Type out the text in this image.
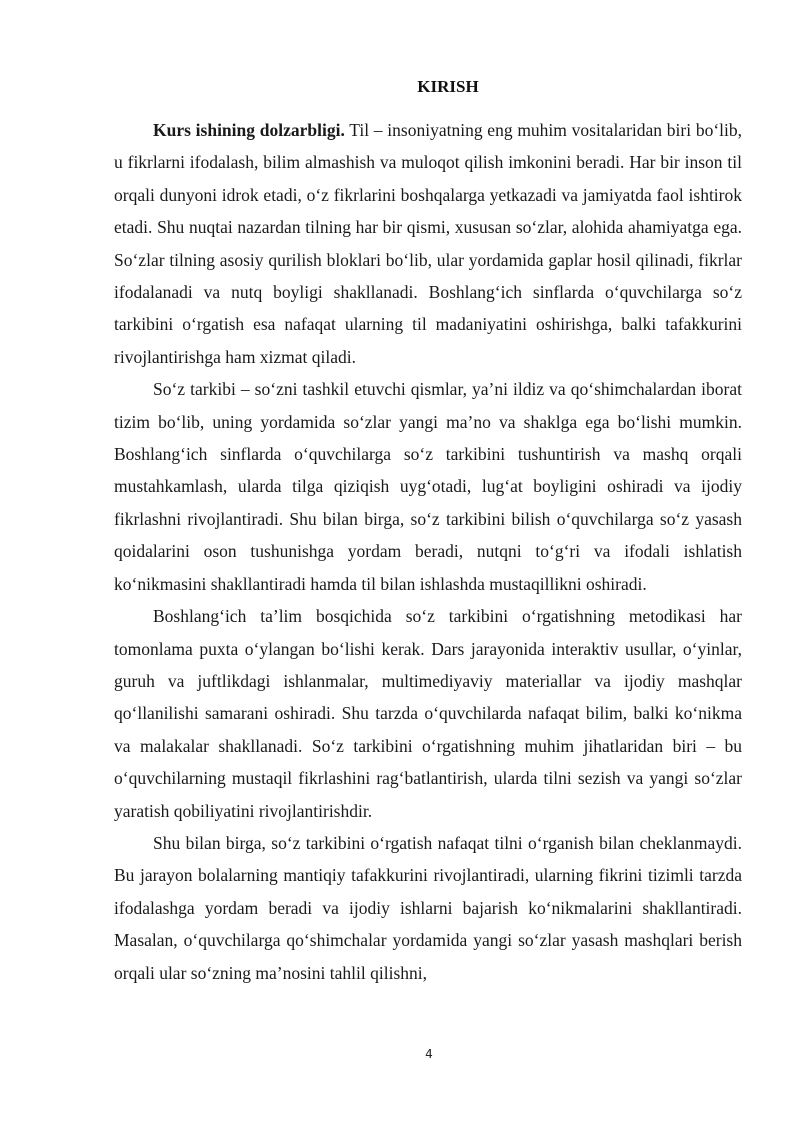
KIRISH

Kurs ishining dolzarbligi. Til – insoniyatning eng muhim vositalaridan biri bo‘lib, u fikrlarni ifodalash, bilim almashish va muloqot qilish imkonini beradi. Har bir inson til orqali dunyoni idrok etadi, o‘z fikrlarini boshqalarga yetkazadi va jamiyatda faol ishtirok etadi. Shu nuqtai nazardan tilning har bir qismi, xususan so‘zlar, alohida ahamiyatga ega. So‘zlar tilning asosiy qurilish bloklari bo‘lib, ular yordamida gaplar hosil qilinadi, fikrlar ifodalanadi va nutq boyligi shakllanadi. Boshlang‘ich sinflarda o‘quvchilarga so‘z tarkibini o‘rgatish esa nafaqat ularning til madaniyatini oshirishga, balki tafakkurini rivojlantirishga ham xizmat qiladi.

So‘z tarkibi – so‘zni tashkil etuvchi qismlar, ya’ni ildiz va qo‘shimchalardan iborat tizim bo‘lib, uning yordamida so‘zlar yangi ma’no va shaklga ega bo‘lishi mumkin. Boshlang‘ich sinflarda o‘quvchilarga so‘z tarkibini tushuntirish va mashq orqali mustahkamlash, ularda tilga qiziqish uyg‘otadi, lug‘at boyligini oshiradi va ijodiy fikrlashni rivojlantiradi. Shu bilan birga, so‘z tarkibini bilish o‘quvchilarga so‘z yasash qoidalarini oson tushunishga yordam beradi, nutqni to‘g‘ri va ifodali ishlatish ko‘nikmasini shakllantiradi hamda til bilan ishlashda mustaqillikni oshiradi.

Boshlang‘ich ta’lim bosqichida so‘z tarkibini o‘rgatishning metodikasi har tomonlama puxta o‘ylangan bo‘lishi kerak. Dars jarayonida interaktiv usullar, o‘yinlar, guruh va juftlikdagi ishlanmalar, multimediyaviy materiallar va ijodiy mashqlar qo‘llanilishi samarani oshiradi. Shu tarzda o‘quvchilarda nafaqat bilim, balki ko‘nikma va malakalar shakllanadi. So‘z tarkibini o‘rgatishning muhim jihatlaridan biri – bu o‘quvchilarning mustaqil fikrlashini rag‘batlantirish, ularda tilni sezish va yangi so‘zlar yaratish qobiliyatini rivojlantirishdir.

Shu bilan birga, so‘z tarkibini o‘rgatish nafaqat tilni o‘rganish bilan cheklanmaydi. Bu jarayon bolalarning mantiqiy tafakkurini rivojlantiradi, ularning fikrini tizimli tarzda ifodalashga yordam beradi va ijodiy ishlarni bajarish ko‘nikmalarini shakllantiradi. Masalan, o‘quvchilarga qo‘shimchalar yordamida yangi so‘zlar yasash mashqlari berish orqali ular so‘zning ma’nosini tahlil qilishni,

4
